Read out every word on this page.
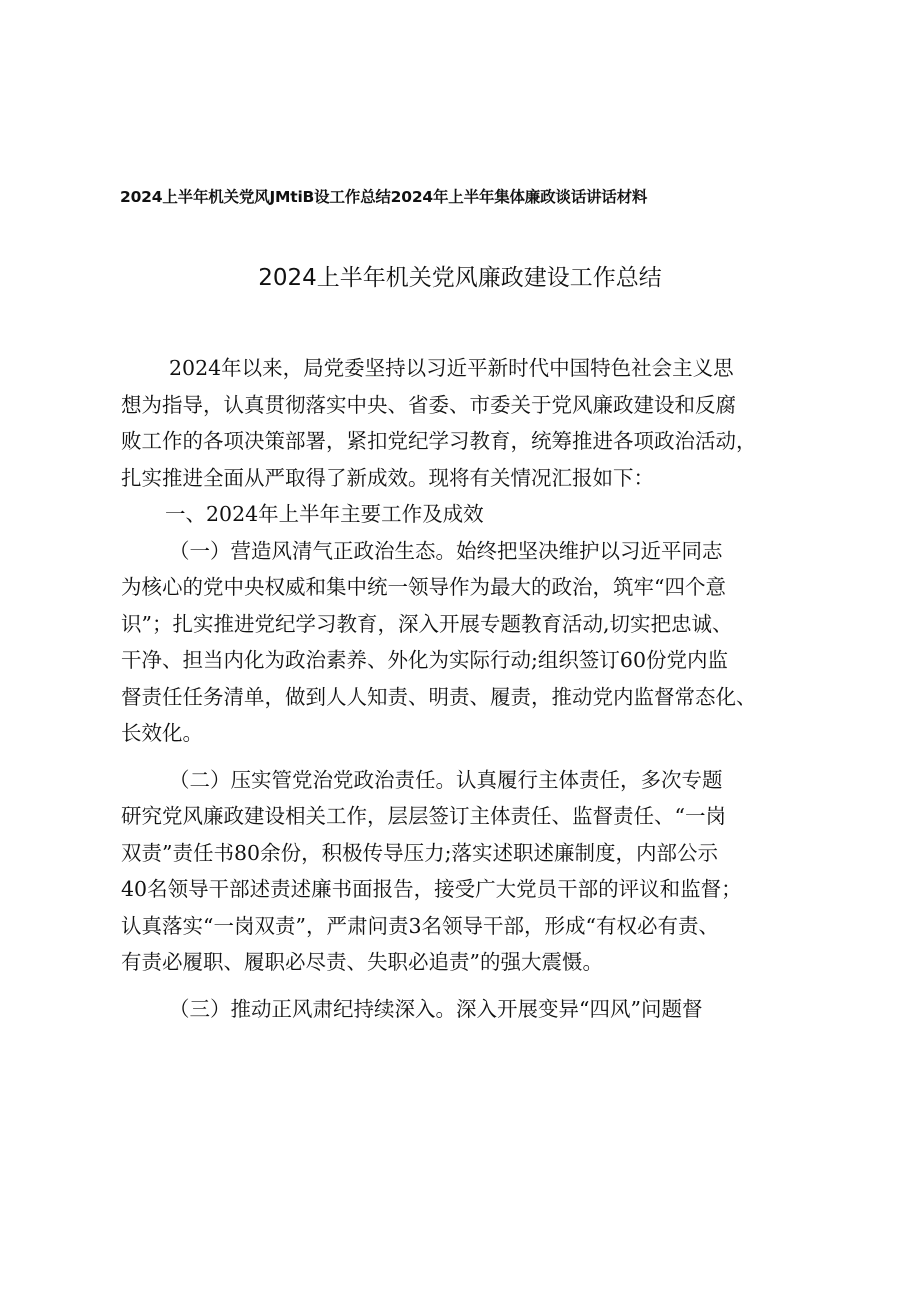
2024上半年机关党风JMtiB设工作总结2024年上半年集体廉政谈话讲话材料
2024上半年机关党风廉政建设工作总结
2024年以来，局党委坚持以习近平新时代中国特色社会主义思
想为指导，认真贯彻落实中央、省委、市委关于党风廉政建设和反腐
败工作的各项决策部署，紧扣党纪学习教育，统筹推进各项政治活动，
扎实推进全面从严取得了新成效。现将有关情况汇报如下：
一、2024年上半年主要工作及成效
（一）营造风清气正政治生态。始终把坚决维护以习近平同志
为核心的党中央权威和集中统一领导作为最大的政治，筑牢“四个意
识”；扎实推进党纪学习教育，深入开展专题教育活动,切实把忠诚、
干净、担当内化为政治素养、外化为实际行动;组织签订60份党内监
督责任任务清单，做到人人知责、明责、履责，推动党内监督常态化、
长效化。
（二）压实管党治党政治责任。认真履行主体责任，多次专题
研究党风廉政建设相关工作，层层签订主体责任、监督责任、“一岗
双责”责任书80余份，积极传导压力;落实述职述廉制度，内部公示
40名领导干部述责述廉书面报告，接受广大党员干部的评议和监督；
认真落实“一岗双责”，严肃问责3名领导干部，形成“有权必有责、
有责必履职、履职必尽责、失职必追责”的强大震慑。
（三）推动正风肃纪持续深入。深入开展变异“四风”问题督
